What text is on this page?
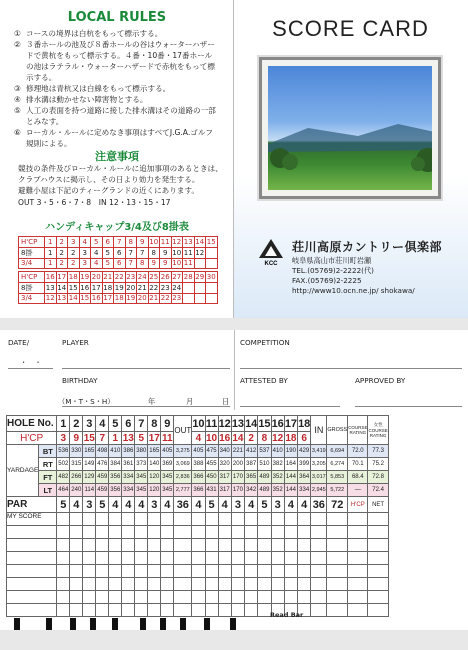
LOCAL RULES
① コースの境界は白杭をもって標示する。
② ３番ホールの池及び８番ホールの谷はウォーターハザードで黄杭をもって標示する。４番・10番・17番ホールの池はラテラル・ウォーターハザードで赤杭をもって標示する。
③ 修理地は青杭又は白線をもって標示する。
④ 排水溝は動かせない障害物とする。
⑤ 人工の表面を持つ道路に接した排水溝はその道路の一部とみなす。
⑥ ローカル・ルールに定めなき事項はすべてJ.G.A.ゴルフ規則による。
注意事項
競技の条件及びローカル・ルールに追加事項のあるときは、クラブハウスに掲示し、その日より効力を発生する。
避難小屋は下記のティーグランドの近くにあります。
OUT 3・5・6・7・8　IN 12・13・15・17
ハンディキャップ3/4及び8掛表
H'CP	1	2	3	4	5	6	7	8	9	10	11	12	13	14	15
8掛	1	2	2	3	4	5	6	7	7	8	9	10	11	12	
3/4	1	2	2	3	4	5	6	7	8	9	9	10	11		
H'CP	16	17	18	19	20	21	22	23	24	25	26	27	28	29	30
8掛	13	14	15	16	17	18	19	20	21	22	23	24			
3/4	12	13	14	15	16	17	18	19	20	21	22	23			
SCORE CARD
KCC
荘川高原カントリー倶楽部
岐阜県高山市荘川町岩瀬
TEL.(05769)2-2222(代)
FAX.(05769)2-2225
http://www10.ocn.ne.jp/ shokawa/
DATE/
・　・
PLAYER
BIRTHDAY
（M・T・S・H）	年	月	日
COMPETITION
ATTESTED BY	APPROVED BY
HOLE No.		1	2	3	4	5	6	7	8	9	OUT	10	11	12	13	14	15	16	17	18	IN	GROSS	COURSE RATING	女性 COURSE RATING
H'CP		3	9	15	7	1	13	5	17	11		4	10	16	14	2	8	12	18	6				
YARDAGE	BT	536	330	165	498	410	386	380	165	405	3,275	405	475	340	221	412	537	410	190	429	3,419	6,694	72.0	77.3
	RT	502	315	149	476	384	361	373	140	369	3,069	388	455	320	200	387	510	382	164	399	3,205	6,274	70.1	75.2
	FT	482	266	129	459	356	334	345	120	345	2,836	366	450	317	170	365	489	352	144	364	3,017	5,853	68.4	72.8
	LT	464	240	114	459	356	334	345	120	345	2,777	366	431	317	170	342	489	352	144	334	2,945	5,722	—	72.4
PAR		5	4	3	5	4	4	4	3	4	36	4	5	4	3	4	5	3	4	4	36	72	H'CP	NET
MY SCORE																								

Read Bar
